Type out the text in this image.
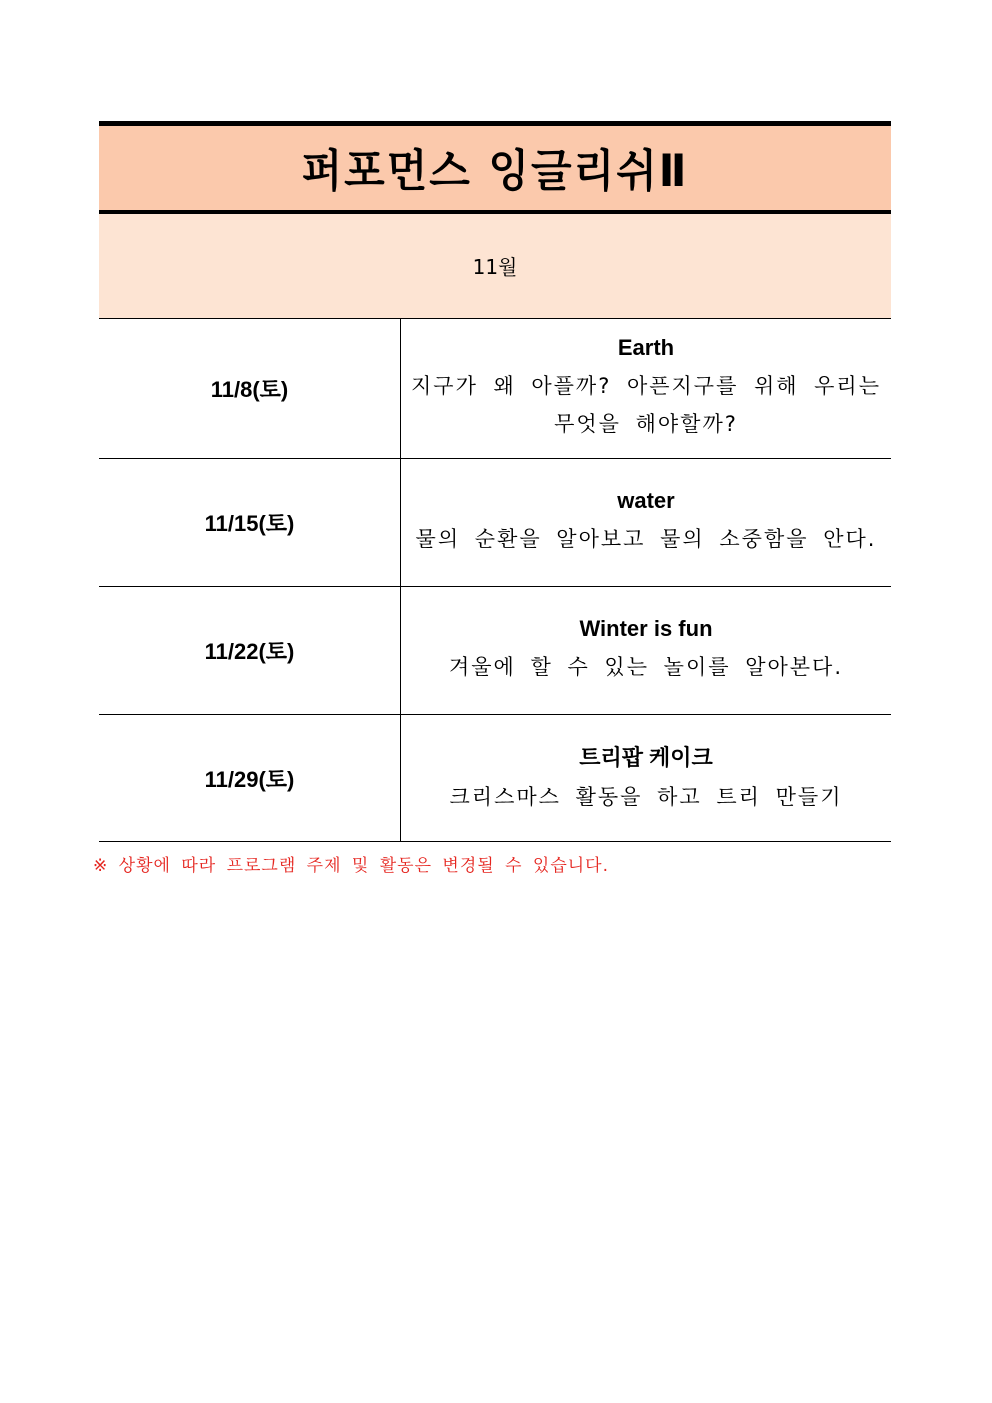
퍼포먼스 잉글리쉬Ⅱ
11월
11/8(토)
Earth
지구가 왜 아플까? 아픈지구를 위해 우리는 무엇을 해야할까?
11/15(토)
water
물의 순환을 알아보고 물의 소중함을 안다.
11/22(토)
Winter is fun
겨울에 할 수 있는 놀이를 알아본다.
11/29(토)
트리팝 케이크
크리스마스 활동을 하고 트리 만들기
※ 상황에 따라 프로그램 주제 및 활동은 변경될 수 있습니다.
